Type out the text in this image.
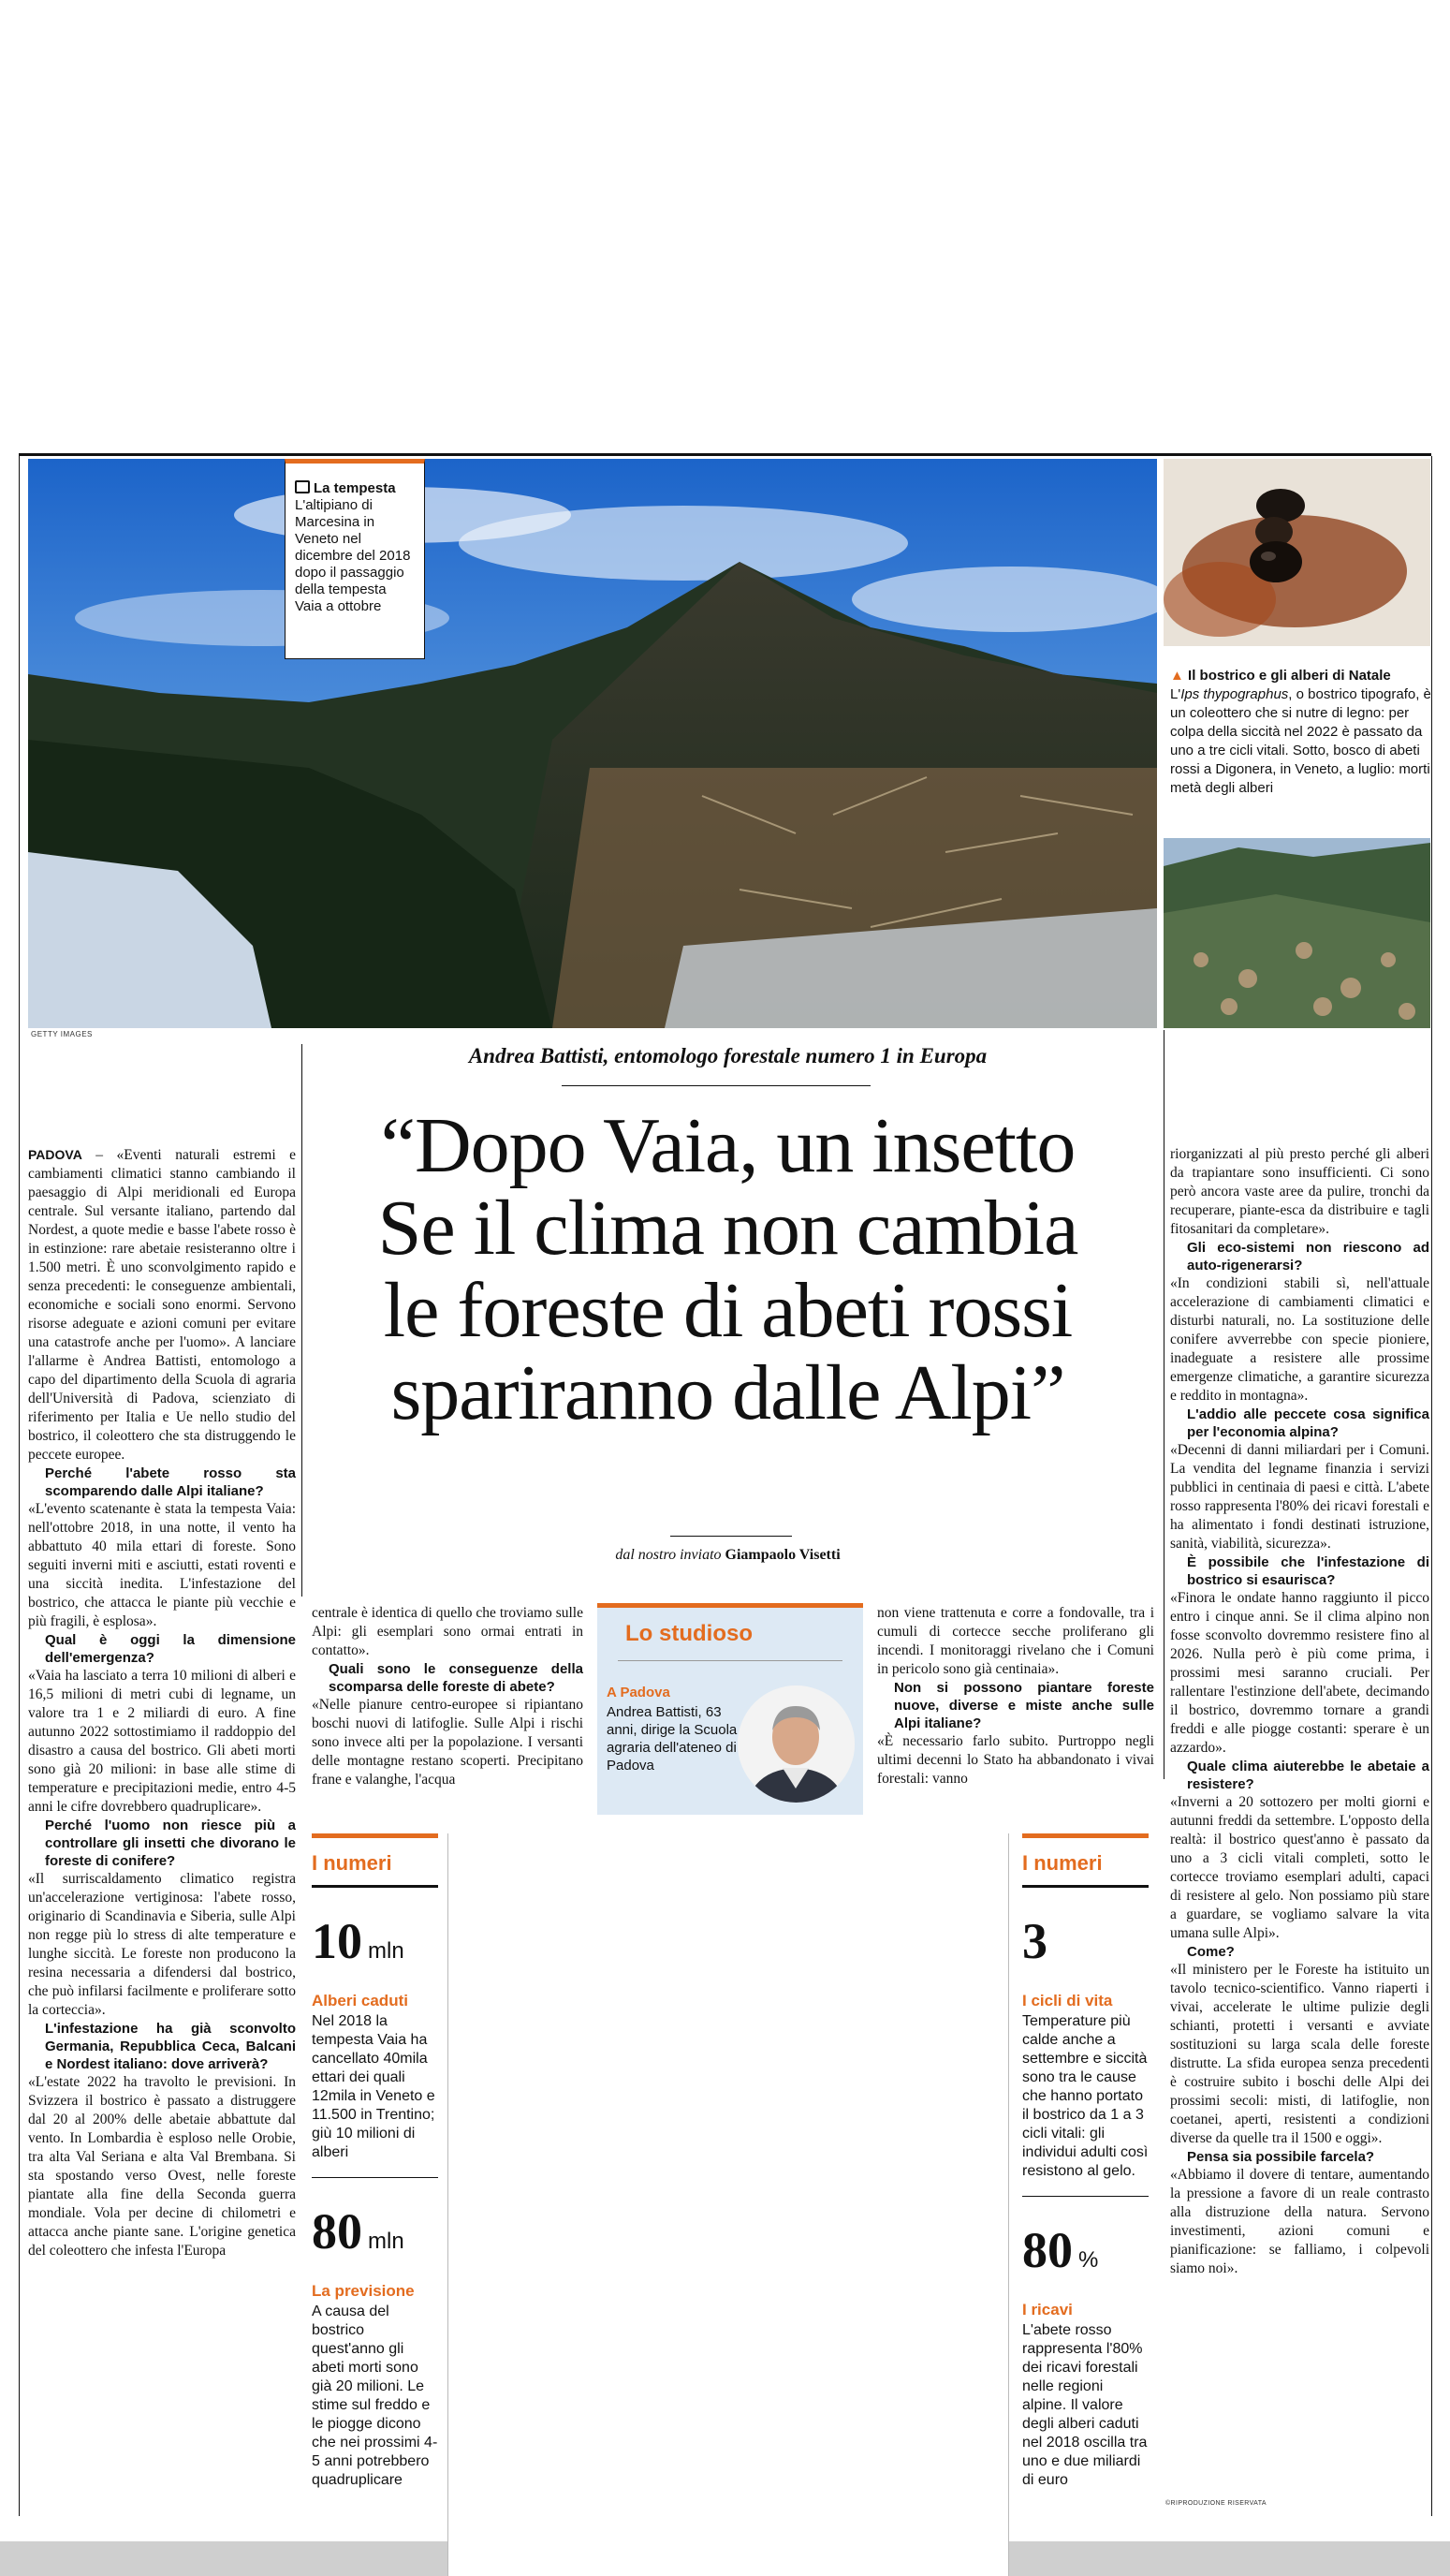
GETTY IMAGES
La tempesta
L'altipiano di Marcesina in Veneto nel dicembre del 2018 dopo il passaggio della tempesta Vaia a ottobre
▲ Il bostrico e gli alberi di Natale
L'Ips thypographus, o bostrico tipografo, è un coleottero che si nutre di legno: per colpa della siccità nel 2022 è passato da uno a tre cicli vitali. Sotto, bosco di abeti rossi a Digonera, in Veneto, a luglio: morti metà degli alberi
Andrea Battisti, entomologo forestale numero 1 in Europa
“Dopo Vaia, un insetto
Se il clima non cambia
le foreste di abeti rossi
spariranno dalle Alpi”
dal nostro inviato Giampaolo Visetti

PADOVA – «Eventi naturali estremi e cambiamenti climatici stanno cambiando il paesaggio di Alpi meridionali ed Europa centrale. Sul versante italiano, partendo dal Nordest, a quote medie e basse l'abete rosso è in estinzione: rare abetaie resisteranno oltre i 1.500 metri. È uno sconvolgimento rapido e senza precedenti: le conseguenze ambientali, economiche e sociali sono enormi. Servono risorse adeguate e azioni comuni per evitare una catastrofe anche per l'uomo». A lanciare l'allarme è Andrea Battisti, entomologo a capo del dipartimento della Scuola di agraria dell'Università di Padova, scienziato di riferimento per Italia e Ue nello studio del bostrico, il coleottero che sta distruggendo le peccete europee.

Perché l'abete rosso sta scomparendo dalle Alpi italiane?

«L'evento scatenante è stata la tempesta Vaia: nell'ottobre 2018, in una notte, il vento ha abbattuto 40 mila ettari di foreste. Sono seguiti inverni miti e asciutti, estati roventi e una siccità inedita. L'infestazione del bostrico, che attacca le piante più vecchie e più fragili, è esplosa».

Qual è oggi la dimensione dell'emergenza?

«Vaia ha lasciato a terra 10 milioni di alberi e 16,5 milioni di metri cubi di legname, un valore tra 1 e 2 miliardi di euro. A fine autunno 2022 sottostimiamo il raddoppio del disastro a causa del bostrico. Gli abeti morti sono già 20 milioni: in base alle stime di temperature e precipitazioni medie, entro 4-5 anni le cifre dovrebbero quadruplicare».

Perché l'uomo non riesce più a controllare gli insetti che divorano le foreste di conifere?

«Il surriscaldamento climatico registra un'accelerazione vertiginosa: l'abete rosso, originario di Scandinavia e Siberia, sulle Alpi non regge più lo stress di alte temperature e lunghe siccità. Le foreste non producono la resina necessaria a difendersi dal bostrico, che può infilarsi facilmente e proliferare sotto la corteccia».

L'infestazione ha già sconvolto Germania, Repubblica Ceca, Balcani e Nordest italiano: dove arriverà?

«L'estate 2022 ha travolto le previsioni. In Svizzera il bostrico è passato a distruggere dal 20 al 200% delle abetaie abbattute dal vento. In Lombardia è esploso nelle Orobie, tra alta Val Seriana e alta Val Brembana. Si sta spostando verso Ovest, nelle foreste piantate alla fine della Seconda guerra mondiale. Vola per decine di chilometri e attacca anche piante sane. L'origine genetica del coleottero che infesta l'Europa

centrale è identica di quello che troviamo sulle Alpi: gli esemplari sono ormai entrati in contatto».

Quali sono le conseguenze della scomparsa delle foreste di abete?

«Nelle pianure centro-europee si ripiantano boschi nuovi di latifoglie. Sulle Alpi i rischi sono invece alti per la popolazione. I versanti delle montagne restano scoperti. Precipitano frane e valanghe, l'acqua

Lo studioso
A Padova
Andrea Battisti, 63 anni, dirige la Scuola agraria dell'ateneo di Padova

non viene trattenuta e corre a fondovalle, tra i cumuli di cortecce secche proliferano gli incendi. I monitoraggi rivelano che i Comuni in pericolo sono già centinaia».

Non si possono piantare foreste nuove, diverse e miste anche sulle Alpi italiane?

«È necessario farlo subito. Purtroppo negli ultimi decenni lo Stato ha abbandonato i vivai forestali: vanno

riorganizzati al più presto perché gli alberi da trapiantare sono insufficienti. Ci sono però ancora vaste aree da pulire, tronchi da recuperare, piante-esca da distribuire e tagli fitosanitari da completare».

Gli eco-sistemi non riescono ad auto-rigenerarsi?

«In condizioni stabili sì, nell'attuale accelerazione di cambiamenti climatici e disturbi naturali, no. La sostituzione delle conifere avverrebbe con specie pioniere, inadeguate a resistere alle prossime emergenze climatiche, a garantire sicurezza e reddito in montagna».

L'addio alle peccete cosa significa per l'economia alpina?

«Decenni di danni miliardari per i Comuni. La vendita del legname finanzia i servizi pubblici in centinaia di paesi e città. L'abete rosso rappresenta l'80% dei ricavi forestali e ha alimentato i fondi destinati istruzione, sanità, viabilità, sicurezza».

È possibile che l'infestazione di bostrico si esaurisca?

«Finora le ondate hanno raggiunto il picco entro i cinque anni. Se il clima alpino non fosse sconvolto dovremmo resistere fino al 2026. Nulla però è più come prima, i prossimi mesi saranno cruciali. Per rallentare l'estinzione dell'abete, decimando il bostrico, dovremmo tornare a grandi freddi e alle piogge costanti: sperare è un azzardo».

Quale clima aiuterebbe le abetaie a resistere?

«Inverni a 20 sottozero per molti giorni e autunni freddi da settembre. L'opposto della realtà: il bostrico quest'anno è passato da uno a 3 cicli vitali completi, sotto le cortecce troviamo esemplari adulti, capaci di resistere al gelo. Non possiamo più stare a guardare, se vogliamo salvare la vita umana sulle Alpi».

Come?

«Il ministero per le Foreste ha istituito un tavolo tecnico-scientifico. Vanno riaperti i vivai, accelerate le ultime pulizie degli schianti, protetti i versanti e avviate sostituzioni su larga scala delle foreste distrutte. La sfida europea senza precedenti è costruire subito i boschi delle Alpi dei prossimi secoli: misti, di latifoglie, non coetanei, aperti, resistenti a condizioni diverse da quelle tra il 1500 e oggi».

Pensa sia possibile farcela?

«Abbiamo il dovere di tentare, aumentando la pressione a favore di un reale contrasto alla distruzione della natura. Servono investimenti, azioni comuni e pianificazione: se falliamo, i colpevoli siamo noi».

I numeri
10 mln
Alberi caduti
Nel 2018 la tempesta Vaia ha cancellato 40mila ettari dei quali 12mila in Veneto e 11.500 in Trentino; giù 10 milioni di alberi
80 mln
La previsione
A causa del bostrico quest'anno gli abeti morti sono già 20 milioni. Le stime sul freddo e le piogge dicono che nei prossimi 4-5 anni potrebbero quadruplicare
I numeri
3
I cicli di vita
Temperature più calde anche a settembre e siccità sono tra le cause che hanno portato il bostrico da 1 a 3 cicli vitali: gli individui adulti così resistono al gelo.
80 %
I ricavi
L'abete rosso rappresenta l'80% dei ricavi forestali nelle regioni alpine. Il valore degli alberi caduti nel 2018 oscilla tra uno e due miliardi di euro
©RIPRODUZIONE RISERVATA
